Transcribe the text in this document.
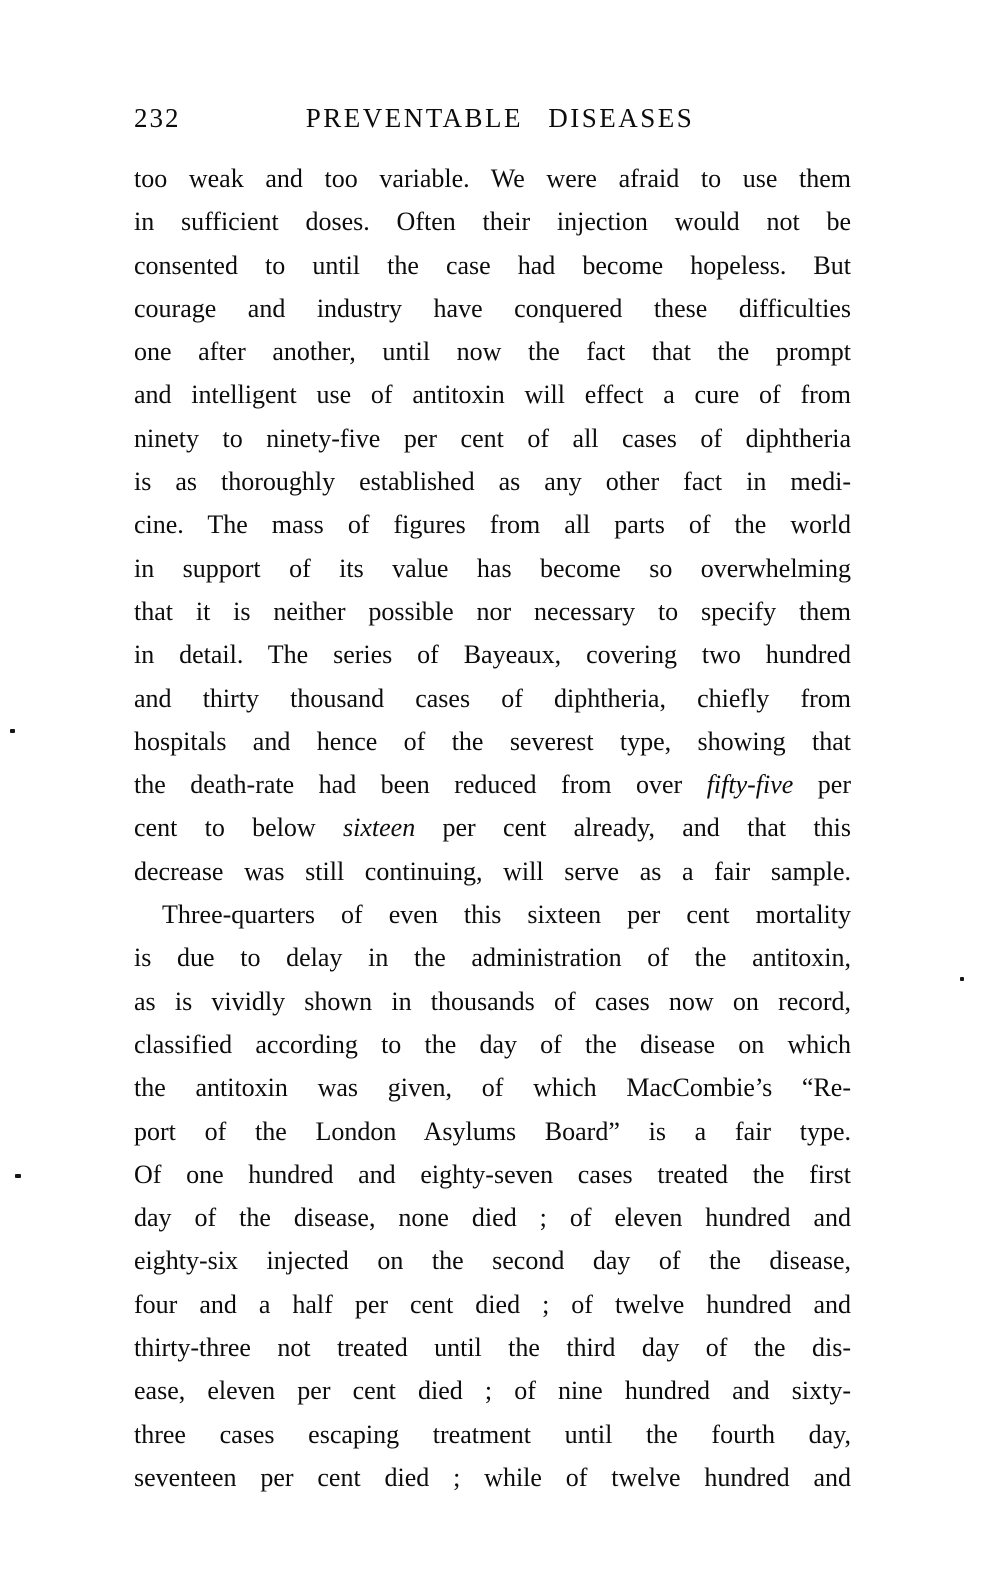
232	PREVENTABLE DISEASES
too weak and too variable. We were afraid to use them
in sufficient doses. Often their injection would not be
consented to until the case had become hopeless. But
courage and industry have conquered these difficulties
one after another, until now the fact that the prompt
and intelligent use of antitoxin will effect a cure of from
ninety to ninety-five per cent of all cases of diphtheria
is as thoroughly established as any other fact in medi-
cine. The mass of figures from all parts of the world
in support of its value has become so overwhelming
that it is neither possible nor necessary to specify them
in detail. The series of Bayeaux, covering two hundred
and thirty thousand cases of diphtheria, chiefly from
hospitals and hence of the severest type, showing that
the death-rate had been reduced from over fifty-five per
cent to below sixteen per cent already, and that this
decrease was still continuing, will serve as a fair sample.
Three-quarters of even this sixteen per cent mortality
is due to delay in the administration of the antitoxin,
as is vividly shown in thousands of cases now on record,
classified according to the day of the disease on which
the antitoxin was given, of which MacCombie’s “Re-
port of the London Asylums Board” is a fair type.
Of one hundred and eighty-seven cases treated the first
day of the disease, none died ; of eleven hundred and
eighty-six injected on the second day of the disease,
four and a half per cent died ; of twelve hundred and
thirty-three not treated until the third day of the dis-
ease, eleven per cent died ; of nine hundred and sixty-
three cases escaping treatment until the fourth day,
seventeen per cent died ; while of twelve hundred and
